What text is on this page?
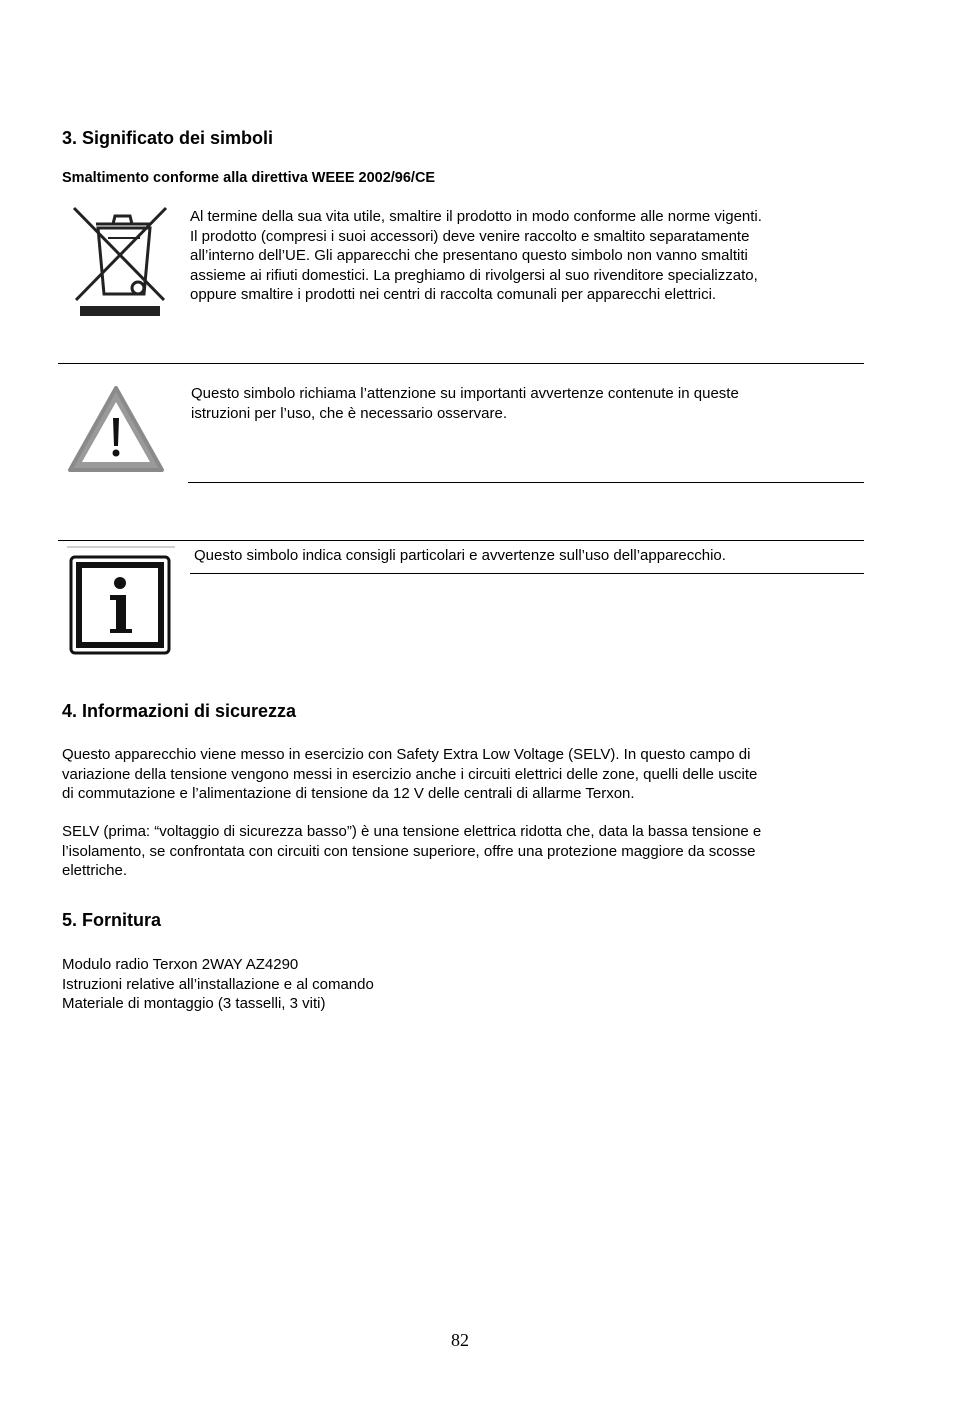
3. Significato dei simboli
Smaltimento conforme alla direttiva WEEE 2002/96/CE
Al termine della sua vita utile, smaltire il prodotto in modo conforme alle norme vigenti.
Il prodotto (compresi i suoi accessori) deve venire raccolto e smaltito separatamente
all’interno dell’UE. Gli apparecchi che presentano questo simbolo non vanno smaltiti
assieme ai rifiuti domestici. La preghiamo di rivolgersi al suo rivenditore specializzato,
oppure smaltire i prodotti nei centri di raccolta comunali per apparecchi elettrici.
Questo simbolo richiama l’attenzione su importanti avvertenze contenute in queste
istruzioni per l’uso, che è necessario osservare.
Questo simbolo indica consigli particolari e avvertenze sull’uso dell’apparecchio.
4. Informazioni di sicurezza
Questo apparecchio viene messo in esercizio con Safety Extra Low Voltage (SELV). In questo campo di
variazione della tensione vengono messi in esercizio anche i circuiti elettrici delle zone, quelli delle uscite
di commutazione e l’alimentazione di tensione da 12 V delle centrali di allarme Terxon.
SELV (prima: “voltaggio di sicurezza basso”) è una tensione elettrica ridotta che, data la bassa tensione e
l’isolamento, se confrontata con circuiti con tensione superiore, offre una protezione maggiore da scosse
elettriche.
5. Fornitura
Modulo radio Terxon 2WAY AZ4290
Istruzioni relative all’installazione e al comando
Materiale di montaggio (3 tasselli, 3 viti)
82
